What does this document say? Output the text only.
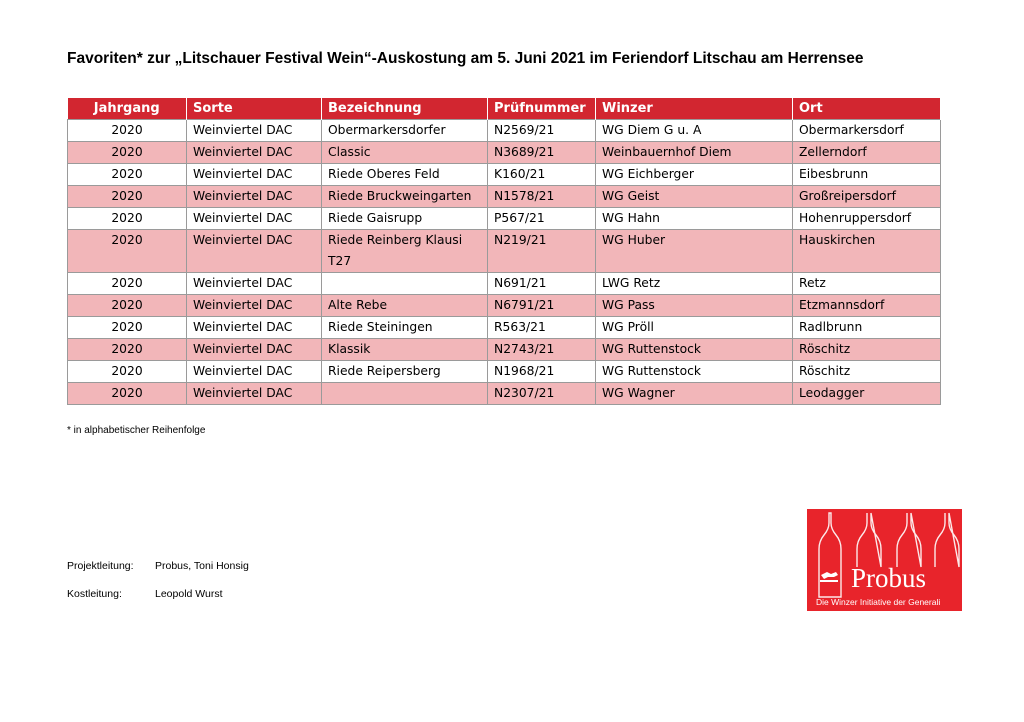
Favoriten* zur „Litschauer Festival Wein“-Auskostung am 5. Juni 2021 im Feriendorf Litschau am Herrensee
Jahrgang	Sorte	Bezeichnung	Prüfnummer	Winzer	Ort
2020	Weinviertel DAC	Obermarkersdorfer	N2569/21	WG Diem G u. A	Obermarkersdorf
2020	Weinviertel DAC	Classic	N3689/21	Weinbauernhof Diem	Zellerndorf
2020	Weinviertel DAC	Riede Oberes Feld	K160/21	WG Eichberger	Eibesbrunn
2020	Weinviertel DAC	Riede Bruckweingarten	N1578/21	WG Geist	Großreipersdorf
2020	Weinviertel DAC	Riede Gaisrupp	P567/21	WG Hahn	Hohenruppersdorf
2020	Weinviertel DAC	Riede Reinberg Klausi T27	N219/21	WG Huber	Hauskirchen
2020	Weinviertel DAC		N691/21	LWG Retz	Retz
2020	Weinviertel DAC	Alte Rebe	N6791/21	WG Pass	Etzmannsdorf
2020	Weinviertel DAC	Riede Steiningen	R563/21	WG Pröll	Radlbrunn
2020	Weinviertel DAC	Klassik	N2743/21	WG Ruttenstock	Röschitz
2020	Weinviertel DAC	Riede Reipersberg	N1968/21	WG Ruttenstock	Röschitz
2020	Weinviertel DAC		N2307/21	WG Wagner	Leodagger
* in alphabetischer Reihenfolge
Projektleitung: Probus, Toni Honsig
Kostleitung:	Leopold Wurst
Probus
Die Winzer Initiative der Generali
